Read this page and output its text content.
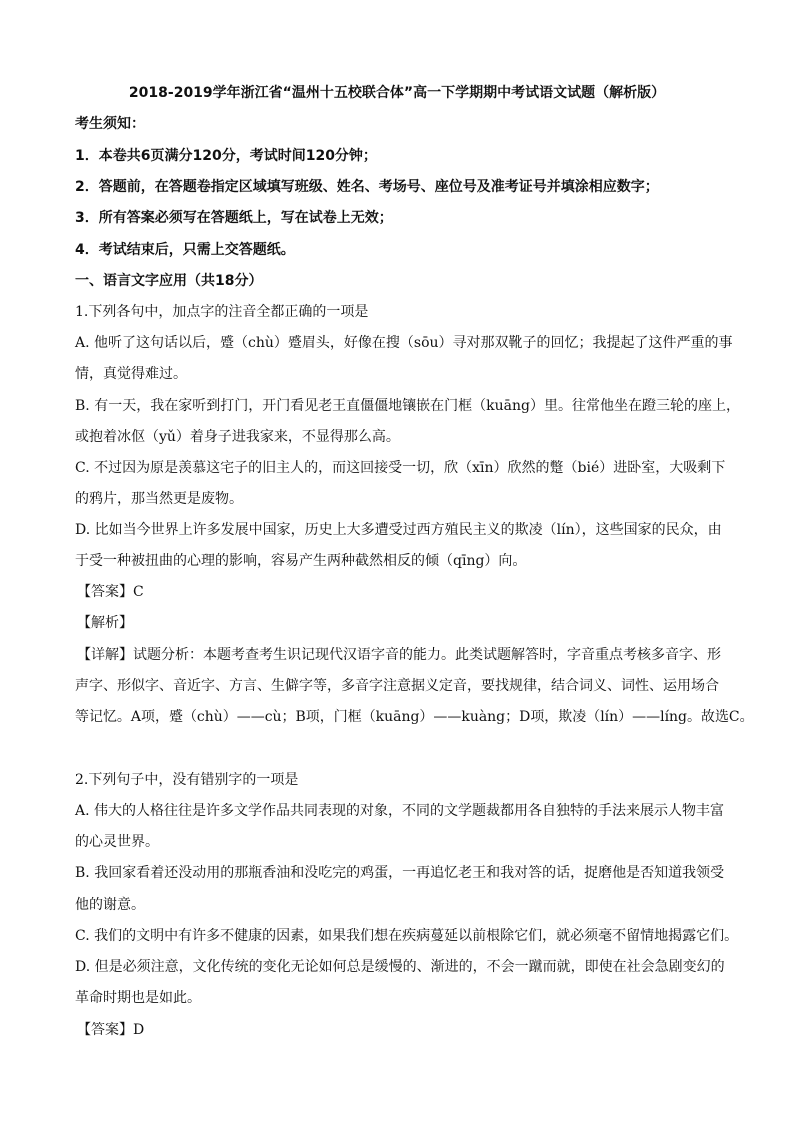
2018-2019学年浙江省“温州十五校联合体”高一下学期期中考试语文试题（解析版）
考生须知：
1．本卷共6页满分120分，考试时间120分钟；
2．答题前，在答题卷指定区域填写班级、姓名、考场号、座位号及准考证号并填涂相应数字；
3．所有答案必须写在答题纸上，写在试卷上无效；
4．考试结束后，只需上交答题纸。
一、语言文字应用（共18分）
1.下列各句中，加点字的注音全都正确的一项是
A. 他听了这句话以后，蹙（chù）蹙眉头，好像在搜（sōu）寻对那双靴子的回忆；我提起了这件严重的事
情，真觉得难过。
B. 有一天，我在家听到打门，开门看见老王直僵僵地镶嵌在门框（kuāng）里。往常他坐在蹬三轮的座上，
或抱着冰伛（yǔ）着身子进我家来，不显得那么高。
C. 不过因为原是羡慕这宅子的旧主人的，而这回接受一切，欣（xīn）欣然的蹩（bié）进卧室，大吸剩下
的鸦片，那当然更是废物。
D. 比如当今世界上许多发展中国家，历史上大多遭受过西方殖民主义的欺凌（lín），这些国家的民众，由
于受一种被扭曲的心理的影响，容易产生两种截然相反的倾（qīng）向。
【答案】C
【解析】
【详解】试题分析：本题考查考生识记现代汉语字音的能力。此类试题解答时，字音重点考核多音字、形
声字、形似字、音近字、方言、生僻字等，多音字注意据义定音，要找规律，结合词义、词性、运用场合
等记忆。A项，蹙（chù）——cù；B项，门框（kuāng）——kuàng；D项，欺凌（lín）——líng。故选C。
2.下列句子中，没有错别字的一项是
A. 伟大的人格往往是许多文学作品共同表现的对象，不同的文学题裁都用各自独特的手法来展示人物丰富
的心灵世界。
B. 我回家看着还没动用的那瓶香油和没吃完的鸡蛋，一再追忆老王和我对答的话，捉磨他是否知道我领受
他的谢意。
C. 我们的文明中有许多不健康的因素，如果我们想在疾病蔓延以前根除它们，就必须毫不留情地揭露它们。
D. 但是必须注意，文化传统的变化无论如何总是缓慢的、渐进的，不会一蹴而就，即使在社会急剧变幻的
革命时期也是如此。
【答案】D
